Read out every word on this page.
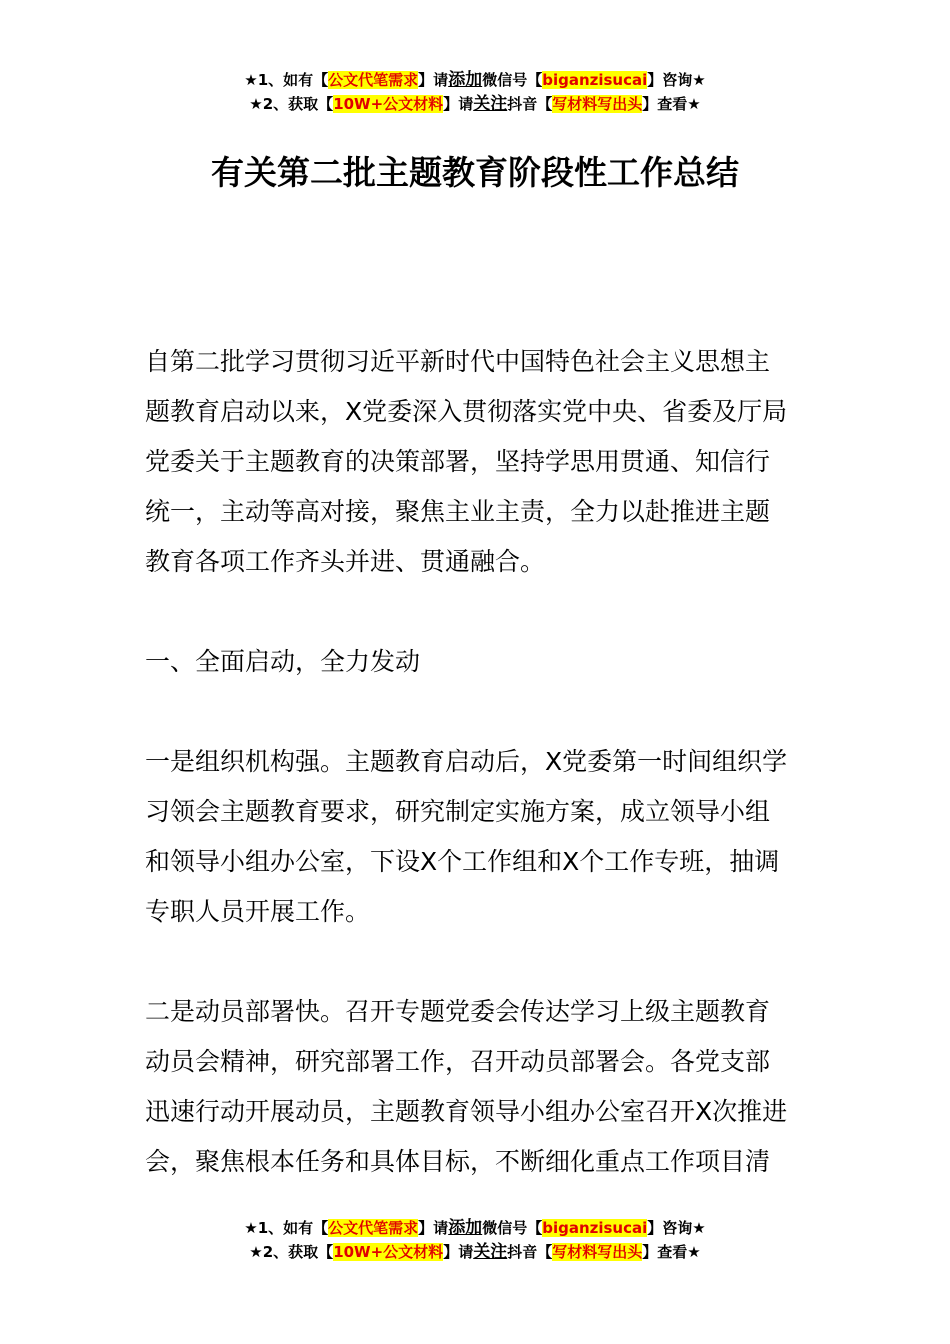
★1、如有【公文代笔需求】请添加微信号【biganzisucai】咨询★
★2、获取【10W+公文材料】请关注抖音【写材料写出头】查看★
有关第二批主题教育阶段性工作总结

自第二批学习贯彻习近平新时代中国特色社会主义思想主
题教育启动以来，X党委深入贯彻落实党中央、省委及厅局
党委关于主题教育的决策部署，坚持学思用贯通、知信行
统一，主动等高对接，聚焦主业主责，全力以赴推进主题
教育各项工作齐头并进、贯通融合。

一、全面启动，全力发动

一是组织机构强。主题教育启动后，X党委第一时间组织学
习领会主题教育要求，研究制定实施方案，成立领导小组
和领导小组办公室，下设X个工作组和X个工作专班，抽调
专职人员开展工作。

二是动员部署快。召开专题党委会传达学习上级主题教育
动员会精神，研究部署工作，召开动员部署会。各党支部
迅速行动开展动员，主题教育领导小组办公室召开X次推进
会，聚焦根本任务和具体目标，不断细化重点工作项目清

★1、如有【公文代笔需求】请添加微信号【biganzisucai】咨询★
★2、获取【10W+公文材料】请关注抖音【写材料写出头】查看★
